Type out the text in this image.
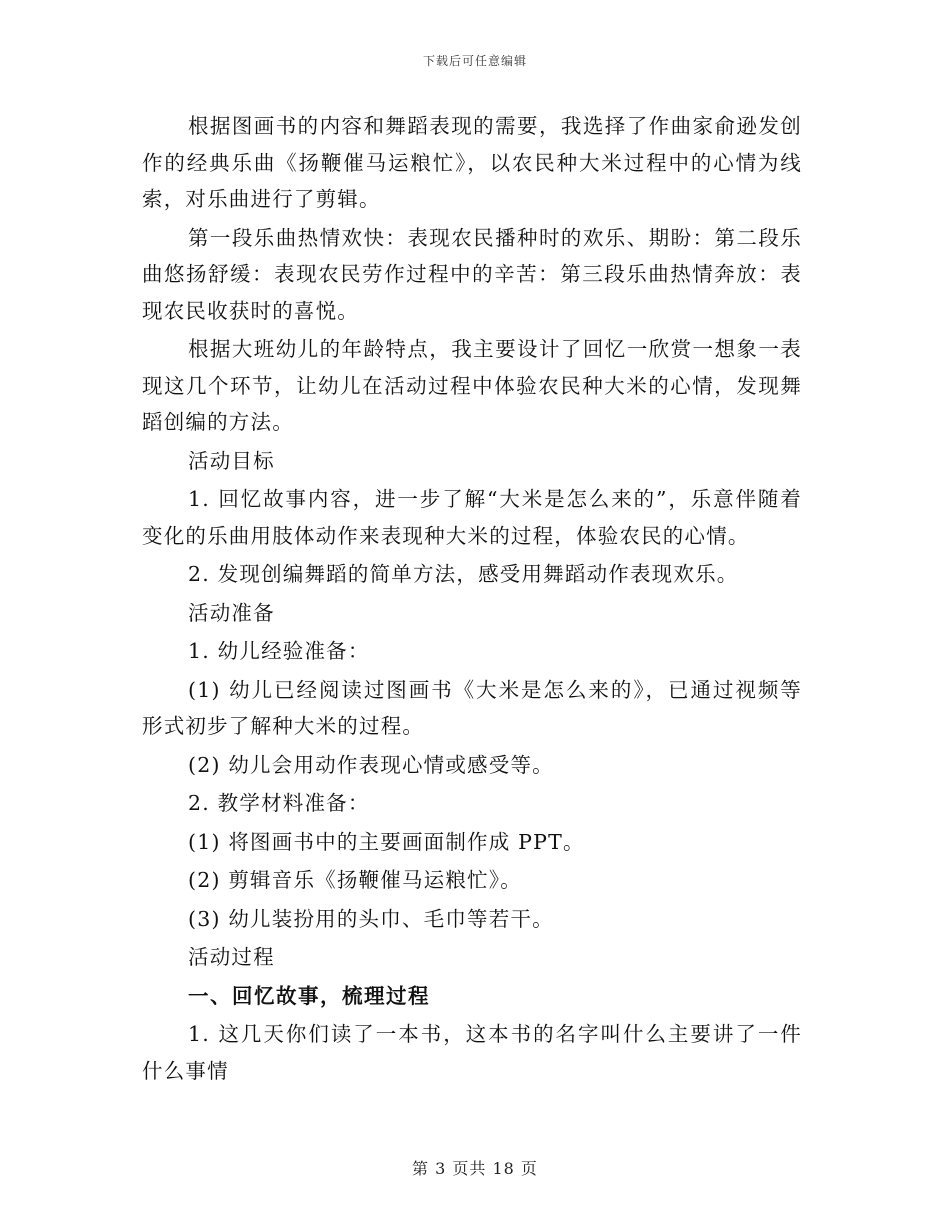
下载后可任意编辑

根据图画书的内容和舞蹈表现的需要，我选择了作曲家俞逊发创作的经典乐曲《扬鞭催马运粮忙》，以农民种大米过程中的心情为线索，对乐曲进行了剪辑。

第一段乐曲热情欢快：表现农民播种时的欢乐、期盼：第二段乐曲悠扬舒缓：表现农民劳作过程中的辛苦：第三段乐曲热情奔放：表现农民收获时的喜悦。

根据大班幼儿的年龄特点，我主要设计了回忆一欣赏一想象一表现这几个环节，让幼儿在活动过程中体验农民种大米的心情，发现舞蹈创编的方法。

活动目标

1. 回忆故事内容，进一步了解“大米是怎么来的”，乐意伴随着变化的乐曲用肢体动作来表现种大米的过程，体验农民的心情。

2. 发现创编舞蹈的简单方法，感受用舞蹈动作表现欢乐。

活动准备

1. 幼儿经验准备：

(1) 幼儿已经阅读过图画书《大米是怎么来的》，已通过视频等形式初步了解种大米的过程。

(2) 幼儿会用动作表现心情或感受等。

2. 教学材料准备：

(1) 将图画书中的主要画面制作成 PPT。

(2) 剪辑音乐《扬鞭催马运粮忙》。

(3) 幼儿装扮用的头巾、毛巾等若干。

活动过程

一、回忆故事，梳理过程

1. 这几天你们读了一本书，这本书的名字叫什么主要讲了一件什么事情

第 3 页共 18 页
